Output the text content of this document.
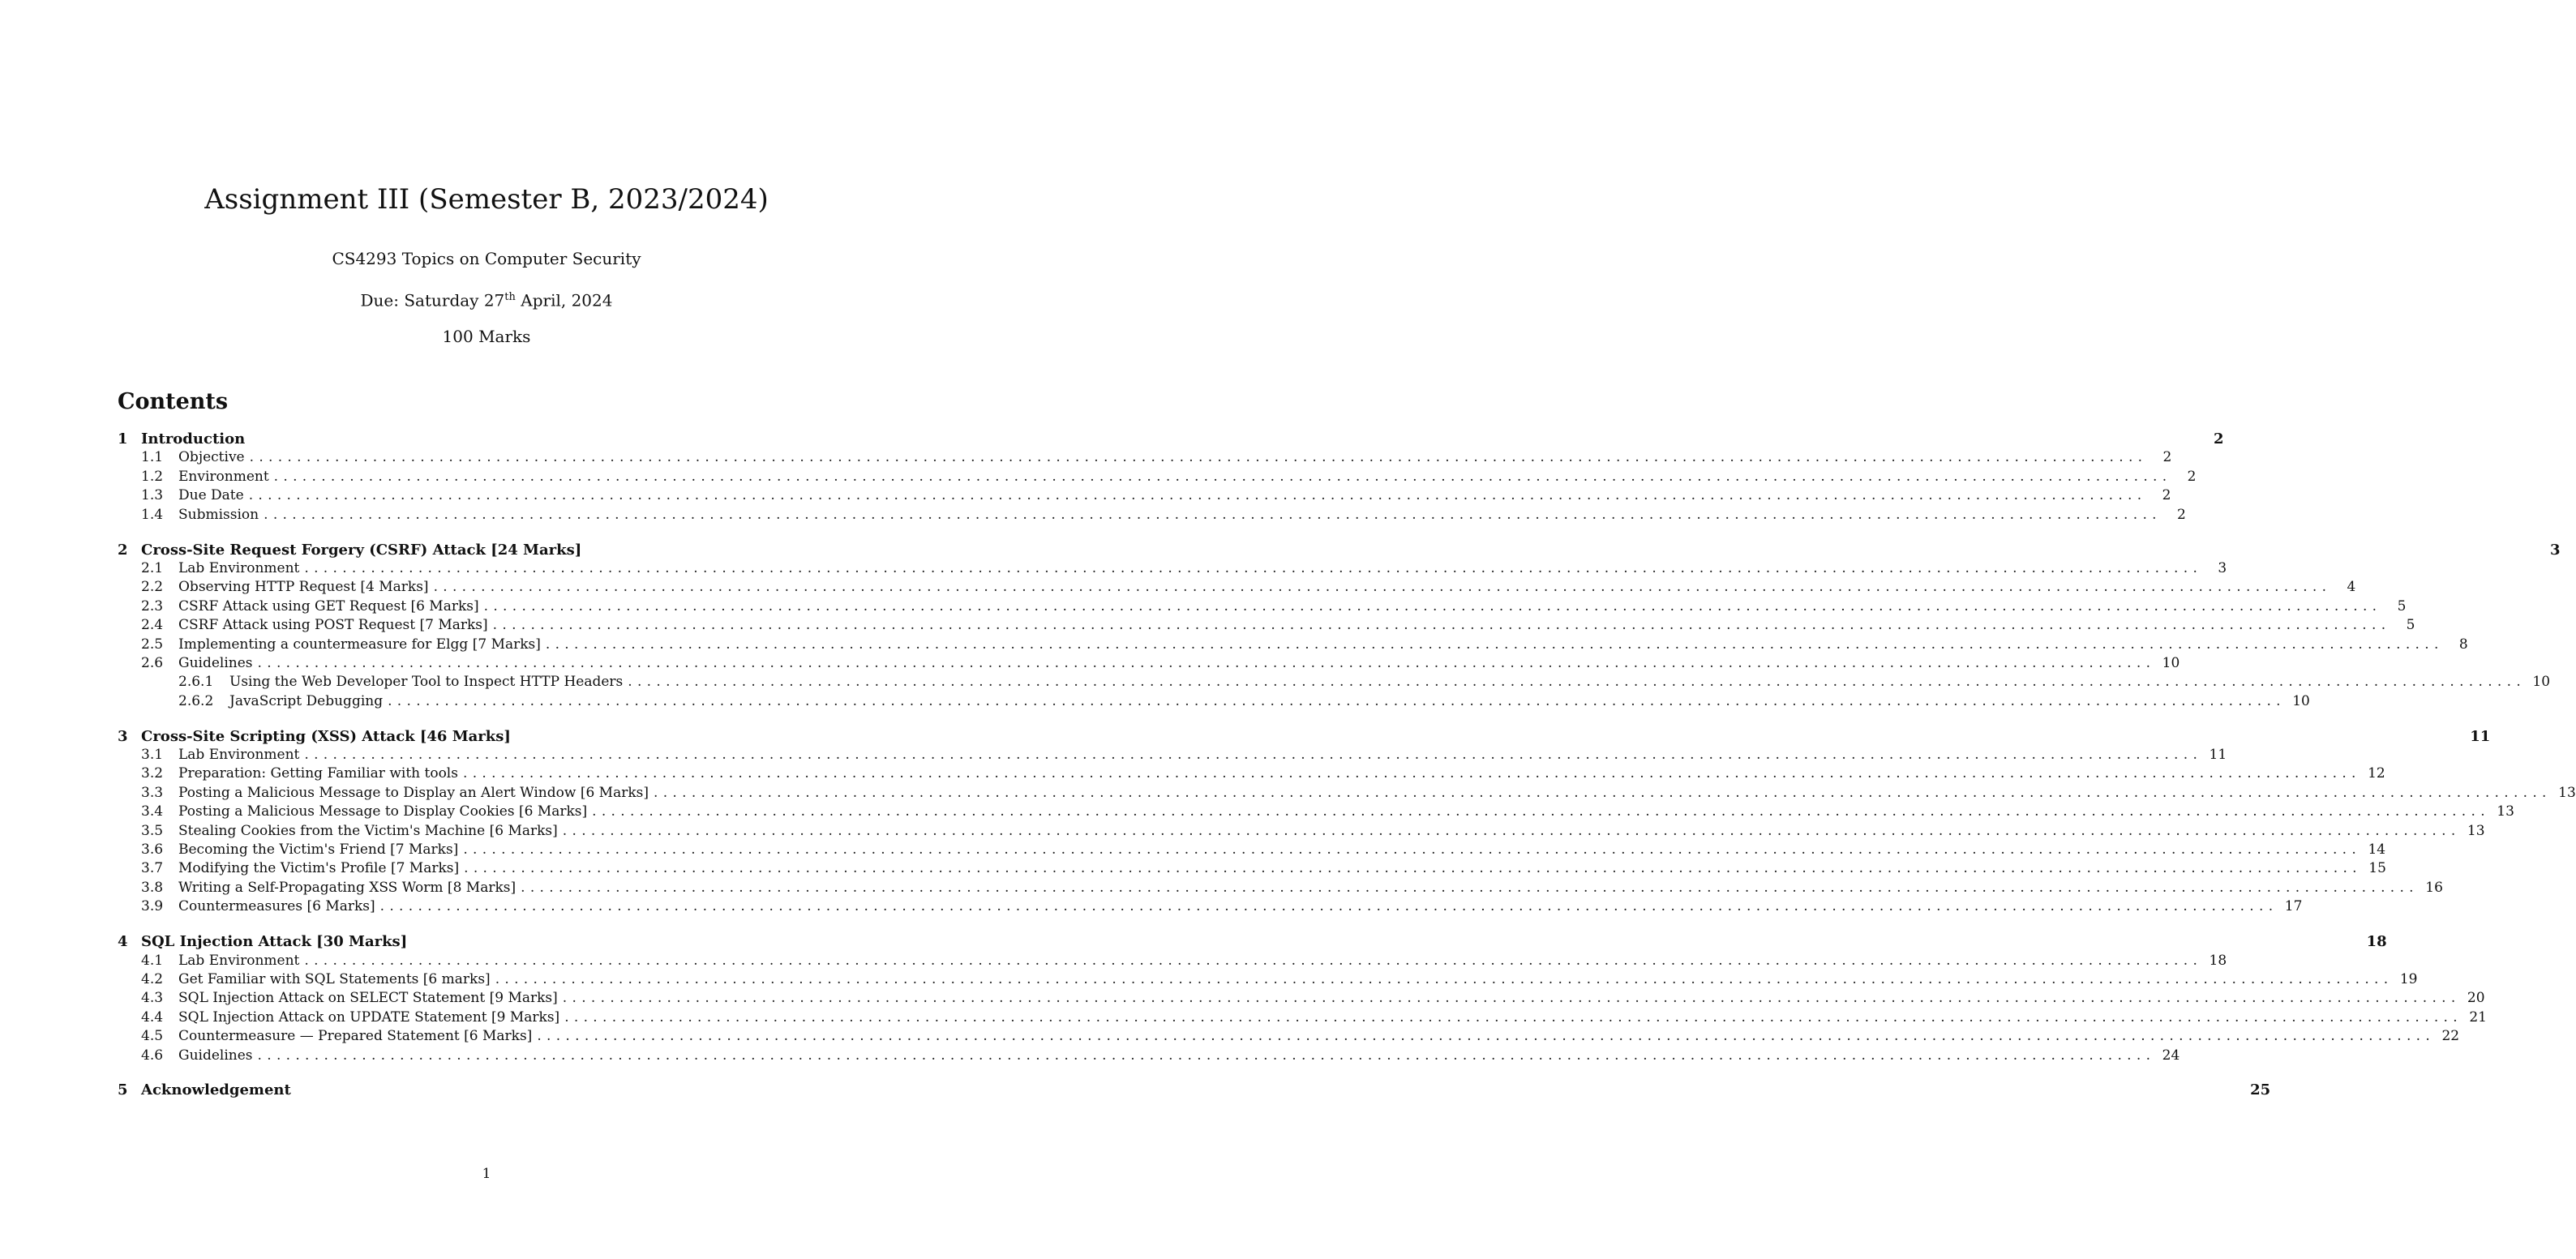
Assignment III (Semester B, 2023/2024)
CS4293 Topics on Computer Security
Due: Saturday 27th April, 2024
100 Marks
Contents
1 Introduction	2
1.1	Objective ........................................................................................................................................................................................................	2
1.2	Environment ........................................................................................................................................................................................................	2
1.3	Due Date ........................................................................................................................................................................................................	2
1.4	Submission ........................................................................................................................................................................................................	2
2 Cross-Site Request Forgery (CSRF) Attack [24 Marks]	3
2.1	Lab Environment ........................................................................................................................................................................................................	3
2.2	Observing HTTP Request [4 Marks] ........................................................................................................................................................................................................	4
2.3	CSRF Attack using GET Request [6 Marks] ........................................................................................................................................................................................................	5
2.4	CSRF Attack using POST Request [7 Marks] ........................................................................................................................................................................................................	5
2.5	Implementing a countermeasure for Elgg [7 Marks] ........................................................................................................................................................................................................	8
2.6	Guidelines ........................................................................................................................................................................................................ 10
2.6.1	Using the Web Developer Tool to Inspect HTTP Headers ........................................................................................................................................................................................................ 10
2.6.2	JavaScript Debugging ........................................................................................................................................................................................................ 10
3 Cross-Site Scripting (XSS) Attack [46 Marks]	11
3.1	Lab Environment ........................................................................................................................................................................................................ 11
3.2	Preparation: Getting Familiar with tools ........................................................................................................................................................................................................ 12
3.3	Posting a Malicious Message to Display an Alert Window [6 Marks] ........................................................................................................................................................................................................ 13
3.4	Posting a Malicious Message to Display Cookies [6 Marks] ........................................................................................................................................................................................................ 13
3.5	Stealing Cookies from the Victim's Machine [6 Marks] ........................................................................................................................................................................................................ 13
3.6	Becoming the Victim's Friend [7 Marks] ........................................................................................................................................................................................................ 14
3.7	Modifying the Victim's Profile [7 Marks] ........................................................................................................................................................................................................ 15
3.8	Writing a Self-Propagating XSS Worm [8 Marks] ........................................................................................................................................................................................................ 16
3.9	Countermeasures [6 Marks] ........................................................................................................................................................................................................ 17
4 SQL Injection Attack [30 Marks]	18
4.1	Lab Environment ........................................................................................................................................................................................................ 18
4.2	Get Familiar with SQL Statements [6 marks] ........................................................................................................................................................................................................ 19
4.3	SQL Injection Attack on SELECT Statement [9 Marks] ........................................................................................................................................................................................................ 20
4.4	SQL Injection Attack on UPDATE Statement [9 Marks] ........................................................................................................................................................................................................ 21
4.5	Countermeasure — Prepared Statement [6 Marks] ........................................................................................................................................................................................................ 22
4.6	Guidelines ........................................................................................................................................................................................................ 24
5 Acknowledgement	25
1
